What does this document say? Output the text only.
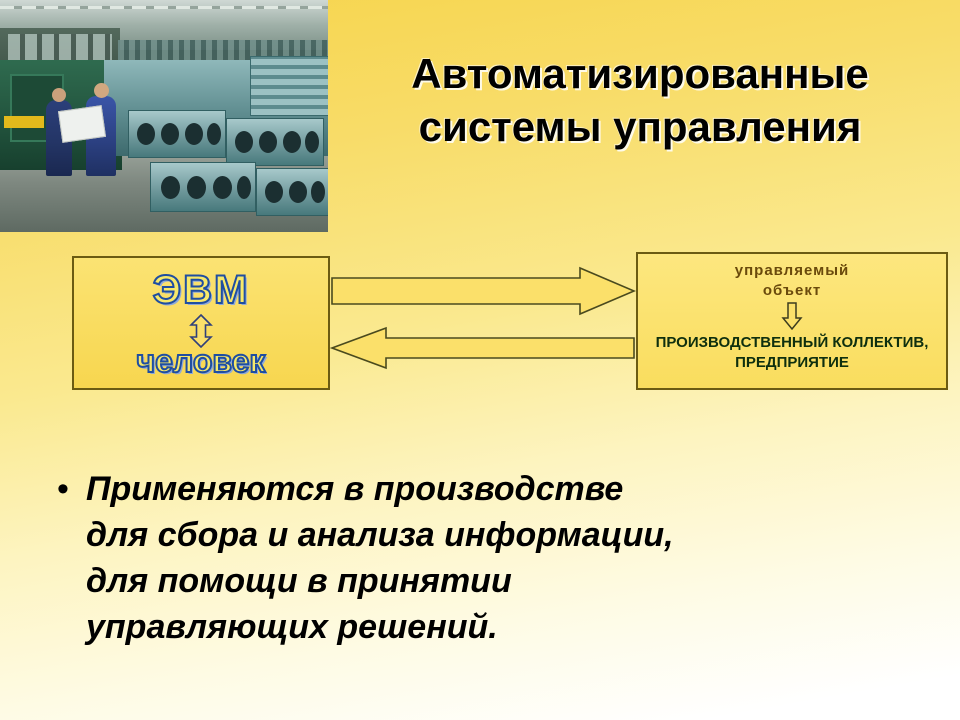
Автоматизированные
системы управления
ЭВМ
человек
управляемый
объект
ПРОИЗВОДСТВЕННЫЙ КОЛЛЕКТИВ,
ПРЕДПРИЯТИЕ
• Применяются в производстве для сбора и анализа информации, для помощи в принятии управляющих решений.
